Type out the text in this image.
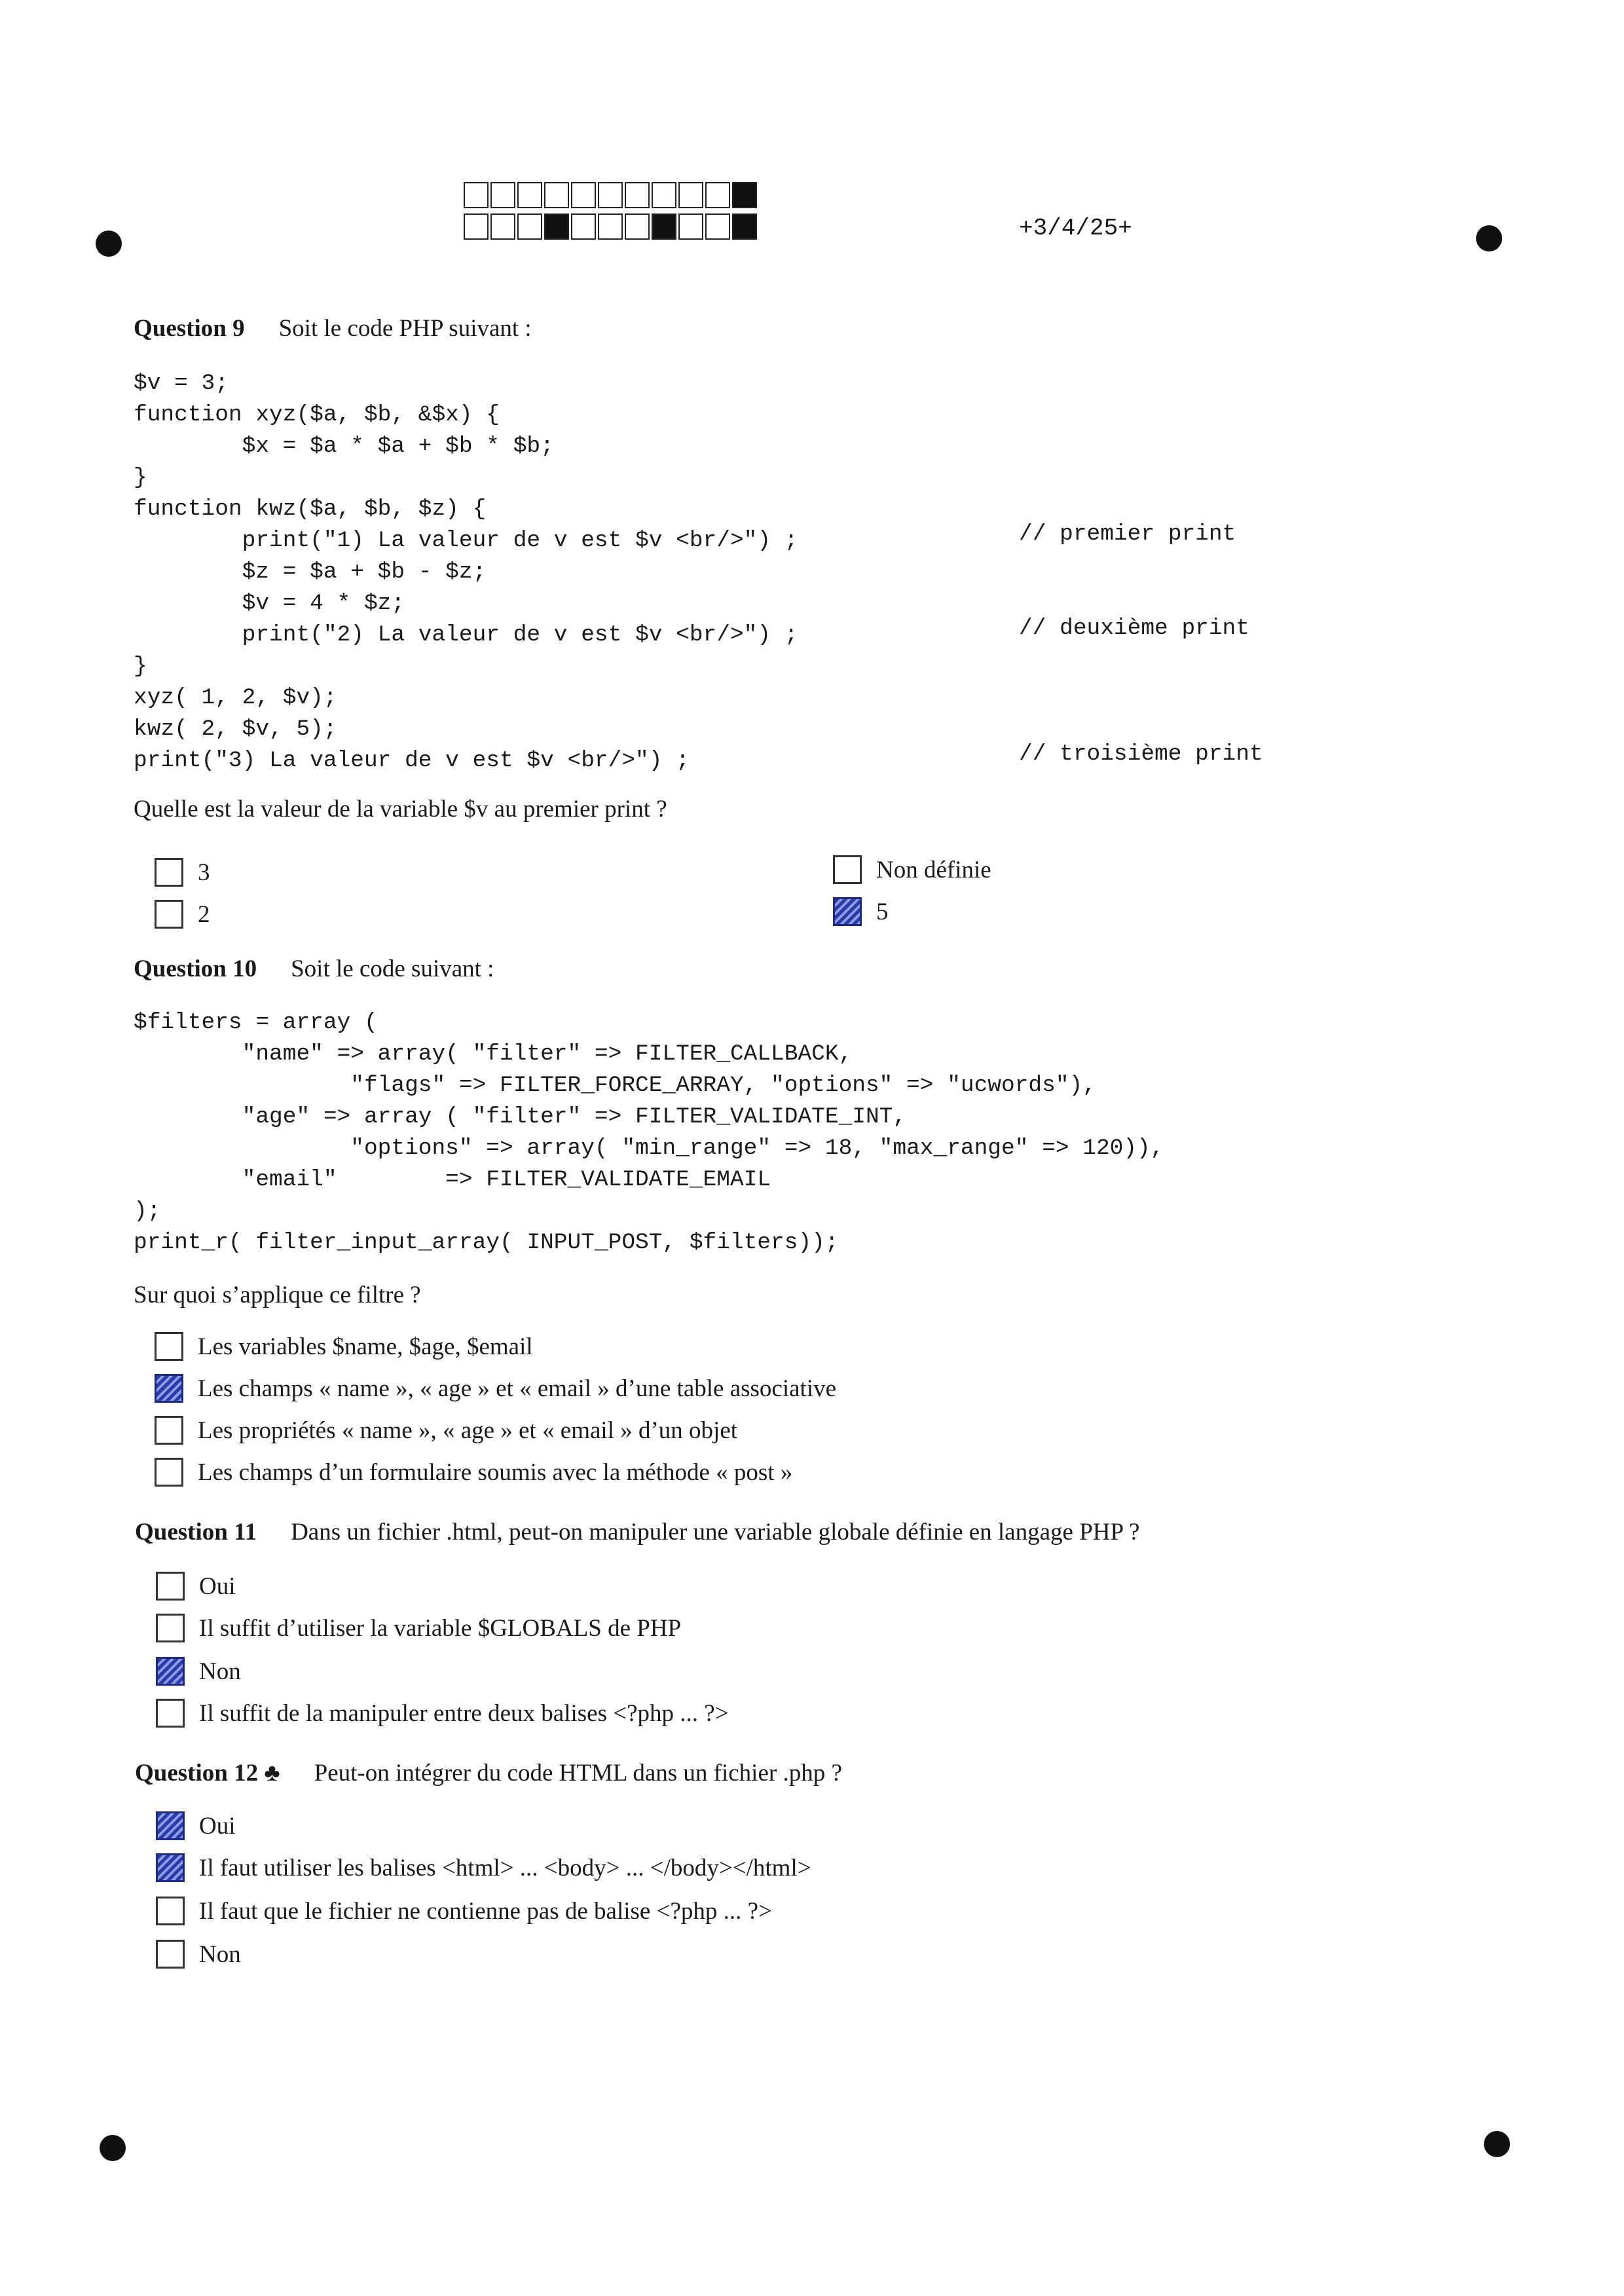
+3/4/25+
Question 9 Soit le code PHP suivant :
$v = 3;
function xyz($a, $b, &$x) {
$x = $a * $a + $b * $b;
}
function kwz($a, $b, $z) {
print("1) La valeur de v est $v <br/>") ;
$z = $a + $b - $z;
$v = 4 * $z;
print("2) La valeur de v est $v <br/>") ;
}
xyz( 1, 2, $v);
kwz( 2, $v, 5);
print("3) La valeur de v est $v <br/>") ;
// premier print
// deuxième print
// troisième print
Quelle est la valeur de la variable $v au premier print ?
3
2
Non définie
5
Question 10 Soit le code suivant :
$filters = array (
"name" => array( "filter" => FILTER_CALLBACK,
"flags" => FILTER_FORCE_ARRAY, "options" => "ucwords"),
"age" => array ( "filter" => FILTER_VALIDATE_INT,
"options" => array( "min_range" => 18, "max_range" => 120)),
"email"        => FILTER_VALIDATE_EMAIL
);
print_r( filter_input_array( INPUT_POST, $filters));
Sur quoi s’applique ce filtre ?
Les variables $name, $age, $email
Les champs « name », « age » et « email » d’une table associative
Les propriétés « name », « age » et « email » d’un objet
Les champs d’un formulaire soumis avec la méthode « post »
Question 11 Dans un fichier .html, peut-on manipuler une variable globale définie en langage PHP ?
Oui
Il suffit d’utiliser la variable $GLOBALS de PHP
Non
Il suffit de la manipuler entre deux balises <?php ... ?>
Question 12 ♣ Peut-on intégrer du code HTML dans un fichier .php ?
Oui
Il faut utiliser les balises <html> ... <body> ... </body></html>
Il faut que le fichier ne contienne pas de balise <?php ... ?>
Non
